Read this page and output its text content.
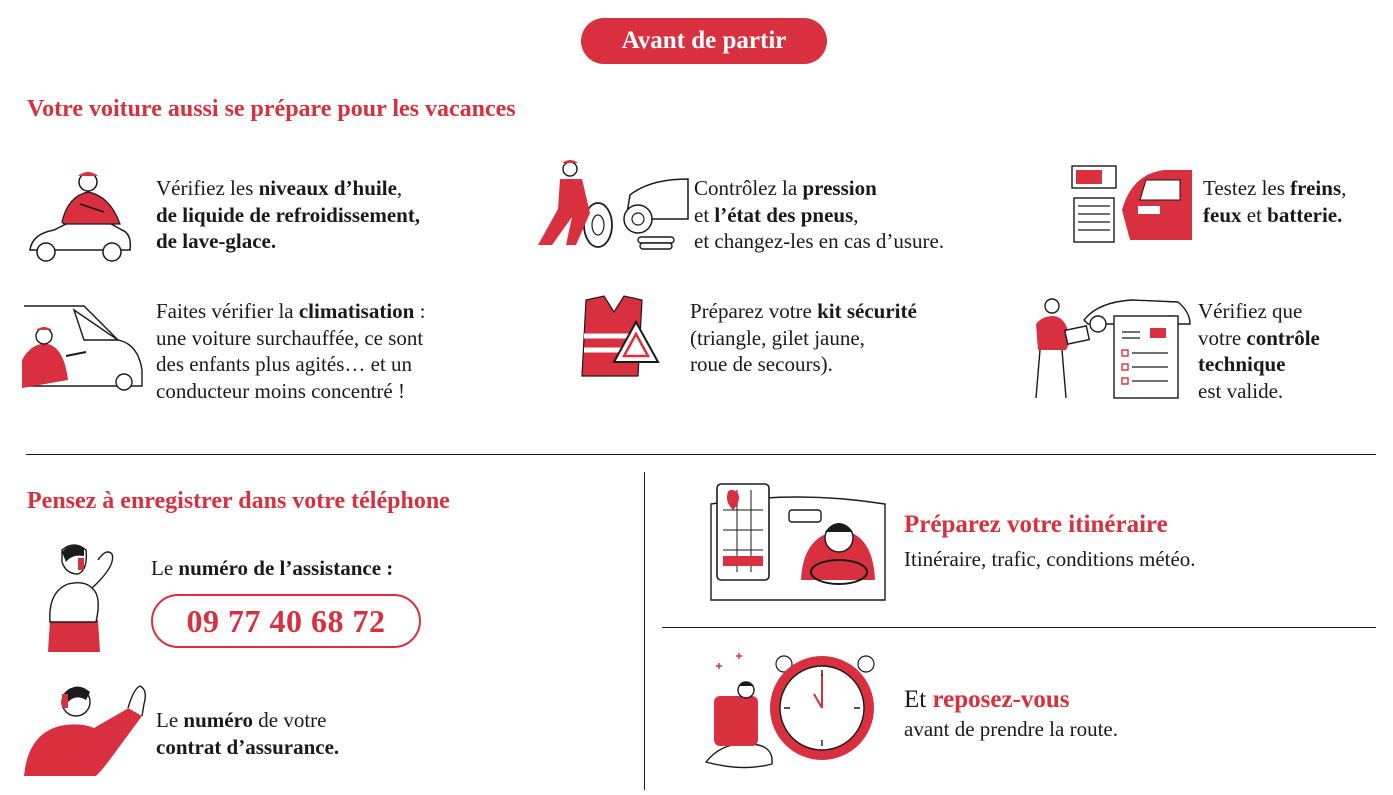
Avant de partir
Votre voiture aussi se prépare pour les vacances
Vérifiez les niveaux d’huile,
de liquide de refroidissement,
de lave-glace.
Contrôlez la pression
et l’état des pneus,
et changez-les en cas d’usure.
Testez les freins,
feux et batterie.
Faites vérifier la climatisation :
une voiture surchauffée, ce sont
des enfants plus agités… et un
conducteur moins concentré !
Préparez votre kit sécurité
(triangle, gilet jaune,
roue de secours).
Vérifiez que
votre contrôle
technique
est valide.
Pensez à enregistrer dans votre téléphone
Le numéro de l’assistance :
09 77 40 68 72
Le numéro de votre
contrat d’assurance.
Préparez votre itinéraire
Itinéraire, trafic, conditions météo.
Et reposez-vous
avant de prendre la route.
